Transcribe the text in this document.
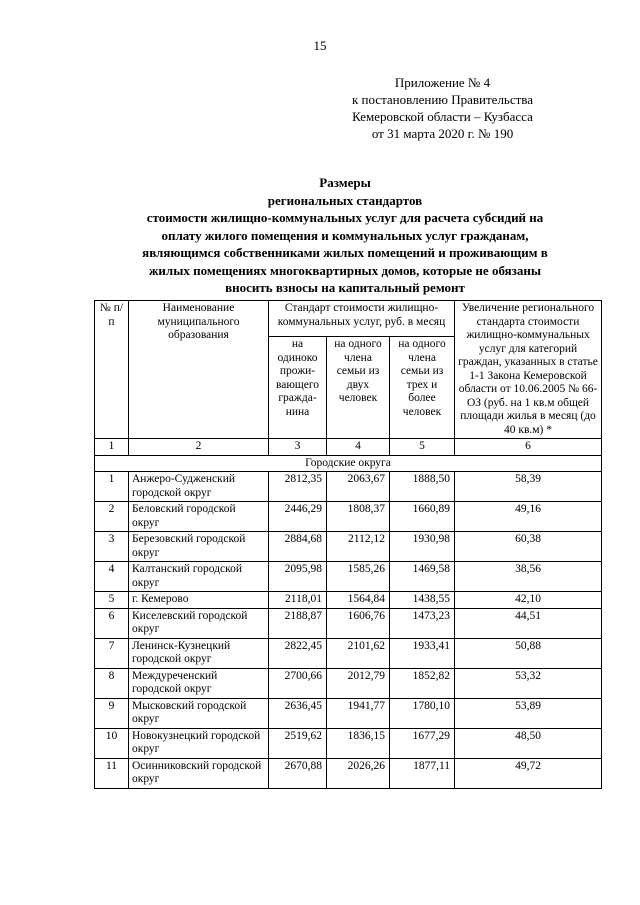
15
Приложение № 4
к постановлению Правительства
Кемеровской области – Кузбасса
от 31 марта 2020 г. № 190
Размеры
региональных стандартов
стоимости жилищно-коммунальных услуг для расчета субсидий на
оплату жилого помещения и коммунальных услуг гражданам,
являющимся собственниками жилых помещений и проживающим в
жилых помещениях многоквартирных домов, которые не обязаны
вносить взносы на капитальный ремонт
№ п/п	Наименование муниципального образования	Стандарт стоимости жилищно-коммунальных услуг, руб. в месяц			Увеличение регионального стандарта стоимости жилищно-коммунальных услуг для категорий граждан, указанных в статье 1-1 Закона Кемеровской области от 10.06.2005 № 66-ОЗ (руб. на 1 кв.м общей площади жилья в месяц (до 40 кв.м) *
		на одиноко прожи-вающего гражда-нина	на одного члена семьи из двух человек	на одного члена семьи из трех и более человек	
1	2	3	4	5	6
Городские округа					
1	Анжеро-Судженский городской округ	2812,35	2063,67	1888,50	58,39
2	Беловский городской округ	2446,29	1808,37	1660,89	49,16
3	Березовский городской округ	2884,68	2112,12	1930,98	60,38
4	Калтанский городской округ	2095,98	1585,26	1469,58	38,56
5	г. Кемерово	2118,01	1564,84	1438,55	42,10
6	Киселевский городской округ	2188,87	1606,76	1473,23	44,51
7	Ленинск-Кузнецкий городской округ	2822,45	2101,62	1933,41	50,88
8	Междуреченский городской округ	2700,66	2012,79	1852,82	53,32
9	Мысковский городской округ	2636,45	1941,77	1780,10	53,89
10	Новокузнецкий городской округ	2519,62	1836,15	1677,29	48,50
11	Осинниковский городской округ	2670,88	2026,26	1877,11	49,72
